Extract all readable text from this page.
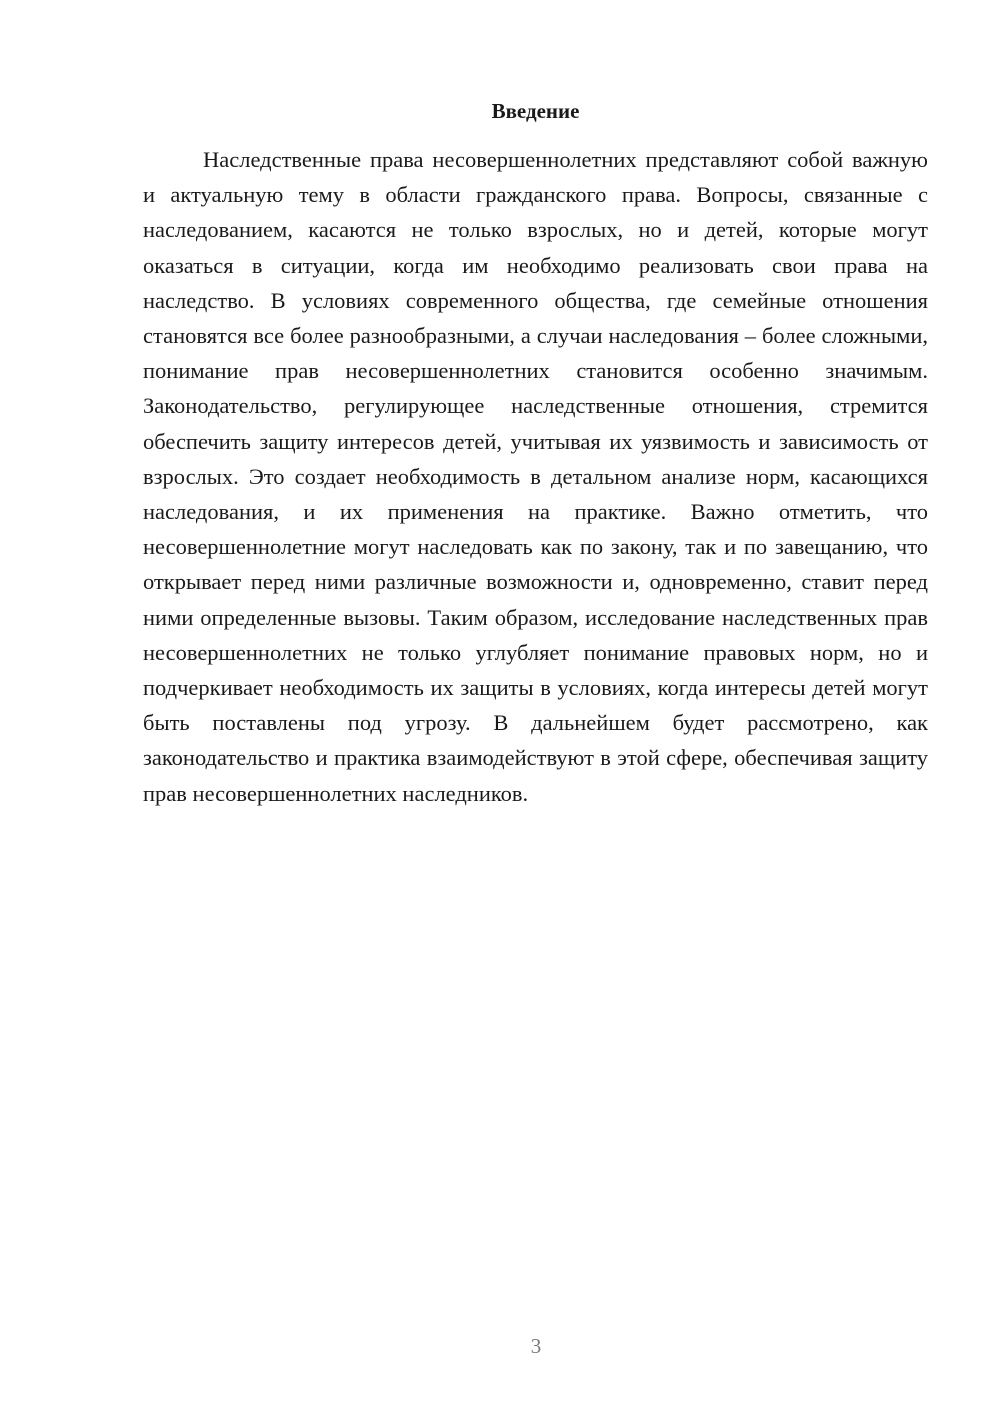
Введение

Наследственные права несовершеннолетних представляют собой важную и актуальную тему в области гражданского права. Вопросы, связанные с наследованием, касаются не только взрослых, но и детей, которые могут оказаться в ситуации, когда им необходимо реализовать свои права на наследство. В условиях современного общества, где семейные отношения становятся все более разнообразными, а случаи наследования – более сложными, понимание прав несовершеннолетних становится особенно значимым. Законодательство, регулирующее наследственные отношения, стремится обеспечить защиту интересов детей, учитывая их уязвимость и зависимость от взрослых. Это создает необходимость в детальном анализе норм, касающихся наследования, и их применения на практике. Важно отметить, что несовершеннолетние могут наследовать как по закону, так и по завещанию, что открывает перед ними различные возможности и, одновременно, ставит перед ними определенные вызовы. Таким образом, исследование наследственных прав несовершеннолетних не только углубляет понимание правовых норм, но и подчеркивает необходимость их защиты в условиях, когда интересы детей могут быть поставлены под угрозу. В дальнейшем будет рассмотрено, как законодательство и практика взаимодействуют в этой сфере, обеспечивая защиту прав несовершеннолетних наследников.

3
